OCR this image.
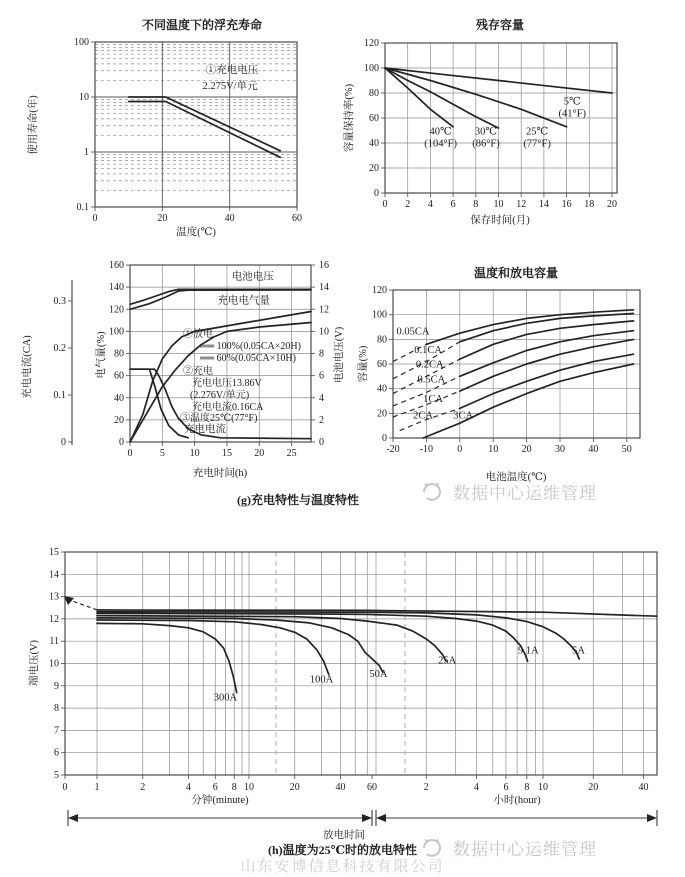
数据中心运维管理
数据中心运维管理
100
10
1
0.1
0	20	40	60
不同温度下的浮充寿命
使用寿命(年)
温度(℃)
①充电电压
2.275V/单元
0
20
40
60
80
100
120
0 2 4 6 8 10 12 14 16 18 20
残存容量
容量保持率(%)
保存时间(月)
5℃
(41°F)
25℃
(77°F)
30℃
(86°F)
40℃
(104°F)
0
0.1
0.2
0.3
充电电流(CA)
0
20
40
60
80
100
120
140
160
电气量(%)
0
2
4
6
8
10
12
14
16
电池电压(V)
0	5 10 15 20 25
充电时间(h)
电池电压
充电电气量
充电电流
①放电
══ 100%(0.05CA×20H)
══ 60%(0.05CA×10H)
②充电
充电电压13.86V
(2.276V/单元)
充电电流0.16CA
③温度25℃(77°F)
0
20
40
60
80
100
120
-20 -10 0	10 20 30 40 50
温度和放电容量
容量(%)
电池温度(℃)
0.05CA
0.1CA
0.2CA
0.5CA
1CA
2CA 3CA
5
6
7
8
9
10
11
12
13
14
15
端电压(V)
0	1	2	4 6 8 10	20	40 60	2	4 6 8 10	20	40
分钟(minute)	小时(hour)
放电时间
300A
100A
50A
25A
9.1A	5A
(g)充电特性与温度特性
(h)温度为25℃时的放电特性
山东安博信息科技有限公司
